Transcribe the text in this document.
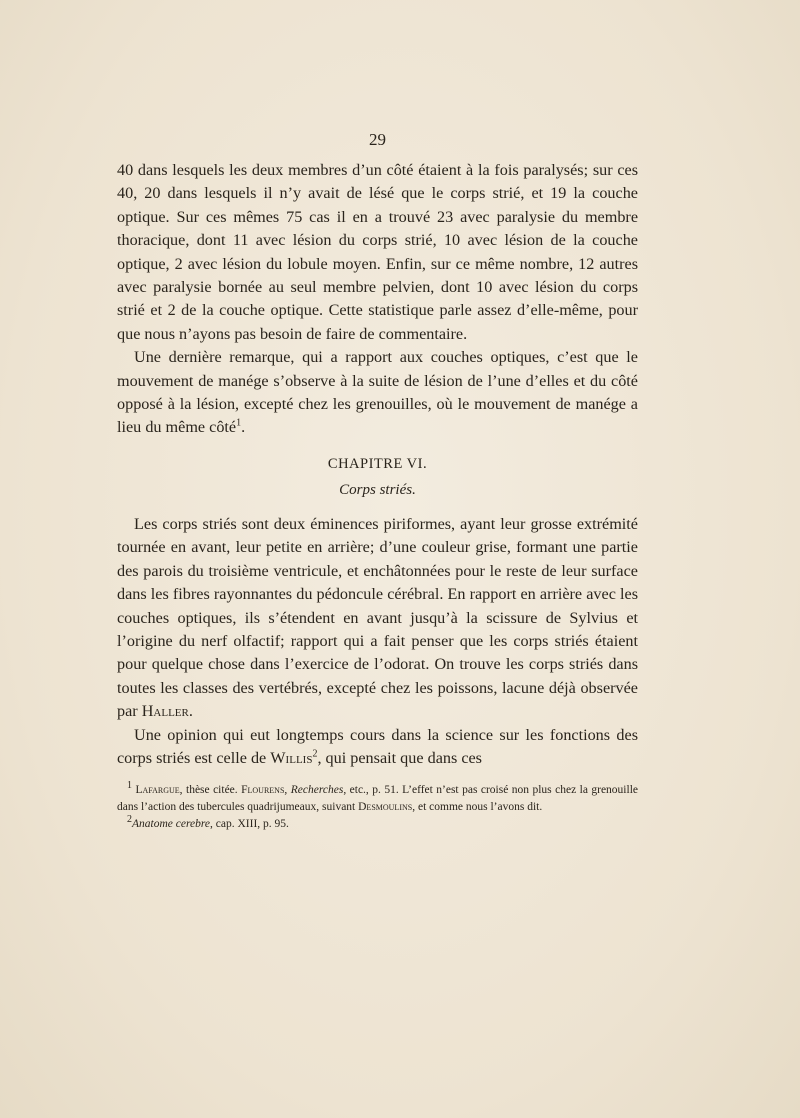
29

40 dans lesquels les deux membres d’un côté étaient à la fois paralysés; sur ces 40, 20 dans lesquels il n’y avait de lésé que le corps strié, et 19 la couche optique. Sur ces mêmes 75 cas il en a trouvé 23 avec paralysie du membre thoracique, dont 11 avec lésion du corps strié, 10 avec lésion de la couche optique, 2 avec lésion du lobule moyen. Enfin, sur ce même nombre, 12 autres avec paralysie bornée au seul membre pelvien, dont 10 avec lésion du corps strié et 2 de la couche optique. Cette statistique parle assez d’elle-même, pour que nous n’ayons pas besoin de faire de commentaire.

Une dernière remarque, qui a rapport aux couches optiques, c’est que le mouvement de manége s’observe à la suite de lésion de l’une d’elles et du côté opposé à la lésion, excepté chez les grenouilles, où le mouvement de manége a lieu du même côté$^1$.

CHAPITRE VI.
Corps striés.

Les corps striés sont deux éminences piriformes, ayant leur grosse extrémité tournée en avant, leur petite en arrière; d’une couleur grise, formant une partie des parois du troisième ventricule, et enchâtonnées pour le reste de leur surface dans les fibres rayonnantes du pédoncule cérébral. En rapport en arrière avec les couches optiques, ils s’étendent en avant jusqu’à la scissure de Sylvius et l’origine du nerf olfactif; rapport qui a fait penser que les corps striés étaient pour quelque chose dans l’exercice de l’odorat. On trouve les corps striés dans toutes les classes des vertébrés, excepté chez les poissons, lacune déjà observée par Haller.

Une opinion qui eut longtemps cours dans la science sur les fonctions des corps striés est celle de Willis$^2$, qui pensait que dans ces

$^1$ Lafargue, thèse citée. Flourens, Recherches, etc., p. 51. L’effet n’est pas croisé non plus chez la grenouille dans l’action des tubercules quadrijumeaux, suivant Desmoulins, et comme nous l’avons dit.

$^2$Anatome cerebre, cap. XIII, p. 95.
